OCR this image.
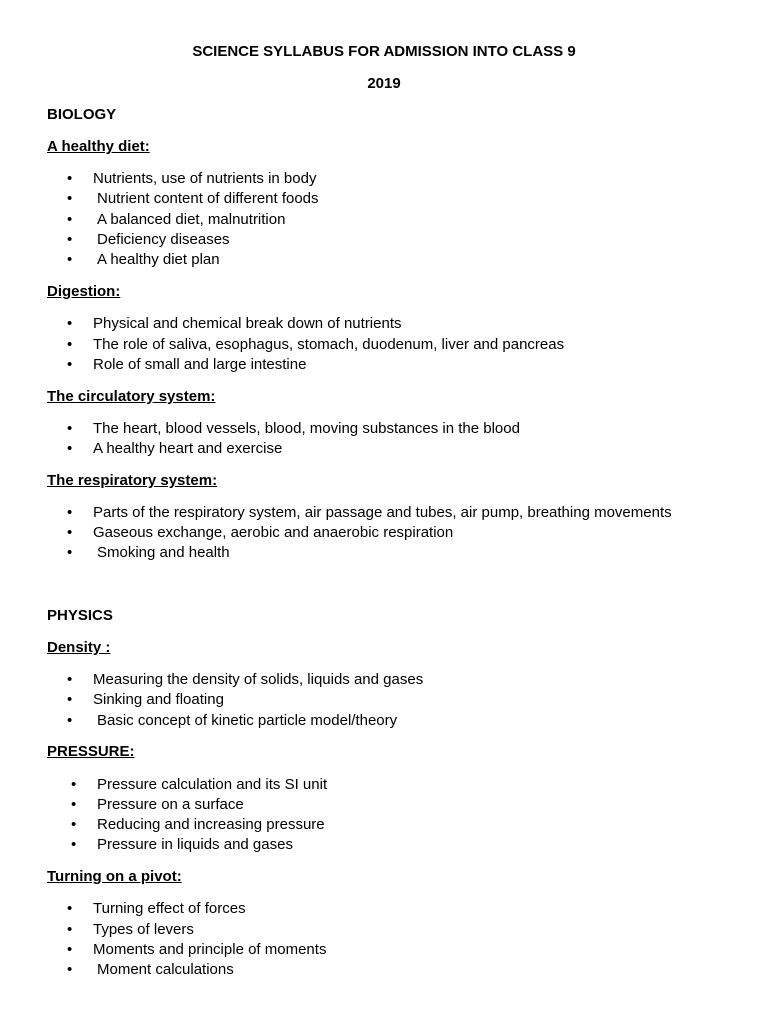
SCIENCE SYLLABUS FOR ADMISSION INTO CLASS 9
2019
BIOLOGY
A healthy diet:
• Nutrients, use of nutrients in body
• Nutrient content of different foods
• A balanced diet, malnutrition
• Deficiency diseases
• A healthy diet plan
Digestion:
• Physical and chemical break down of nutrients
• The role of saliva, esophagus, stomach, duodenum, liver and pancreas
• Role of small and large intestine
The circulatory system:
• The heart, blood vessels, blood, moving substances in the blood
• A healthy heart and exercise
The respiratory system:
• Parts of the respiratory system, air passage and tubes, air pump, breathing movements
• Gaseous exchange, aerobic and anaerobic respiration
• Smoking and health
PHYSICS
Density :
• Measuring the density of solids, liquids and gases
• Sinking and floating
• Basic concept of kinetic particle model/theory
PRESSURE:
• Pressure calculation and its SI unit
• Pressure on a surface
• Reducing and increasing pressure
• Pressure in liquids and gases
Turning on a pivot:
• Turning effect of forces
• Types of levers
• Moments and principle of moments
• Moment calculations
